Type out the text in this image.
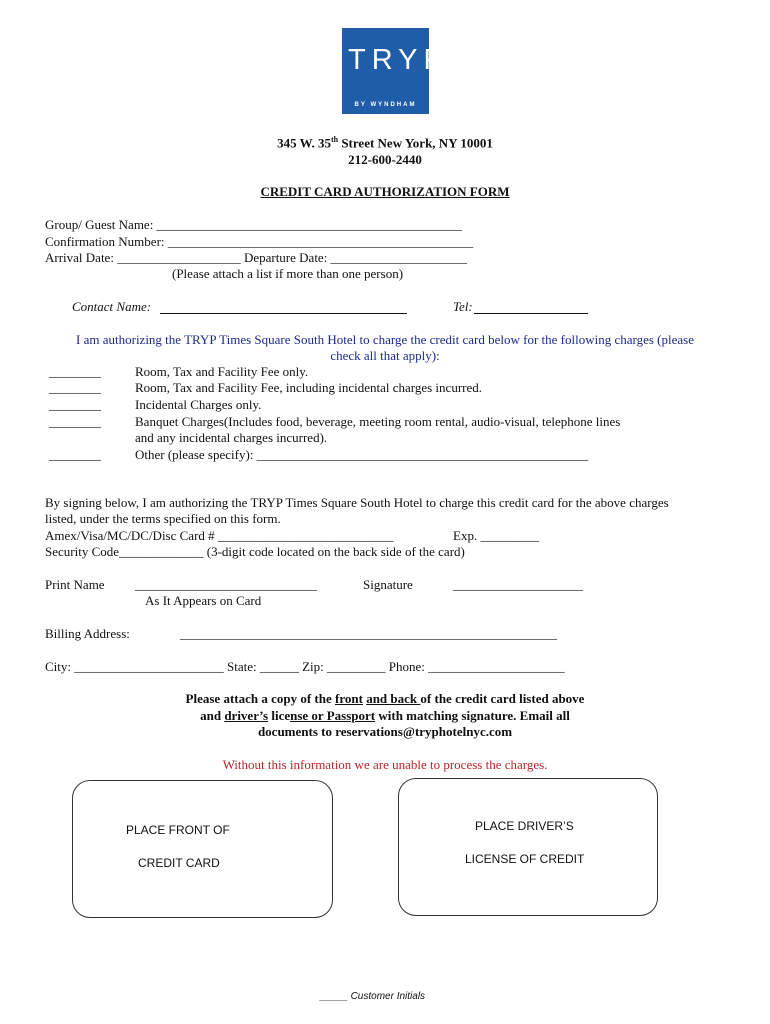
TRYP
BY WYNDHAM
345 W. 35th Street New York, NY 10001
212-600-2440
CREDIT CARD AUTHORIZATION FORM
Group/ Guest Name: _______________________________________________
Confirmation Number: _______________________________________________
Arrival Date: ___________________ Departure Date: _____________________
(Please attach a list if more than one person)
Contact Name:	Tel:
I am authorizing the TRYP Times Square South Hotel to charge the credit card below for the following charges (please
check all that apply):
________	Room, Tax and Facility Fee only.
________	Room, Tax and Facility Fee, including incidental charges incurred.
________	Incidental Charges only.
________	Banquet Charges(Includes food, beverage, meeting room rental, audio-visual, telephone lines
and any incidental charges incurred).
________	Other (please specify): ___________________________________________________
By signing below, I am authorizing the TRYP Times Square South Hotel to charge this credit card for the above charges
listed, under the terms specified on this form.
Amex/Visa/MC/DC/Disc Card # ___________________________	Exp. _________
Security Code_____________ (3-digit code located on the back side of the card)
Print Name ____________________________
As It Appears on Card
Signature	____________________
Billing Address:	__________________________________________________________
City: _______________________ State: ______ Zip: _________ Phone: _____________________
Please attach a copy of the front and back of the credit card listed above
and driver’s license or Passport with matching signature. Email all
documents to reservations@tryphotelnyc.com
Without this information we are unable to process the charges.
PLACE FRONT OF
CREDIT CARD
PLACE DRIVER’S
LICENSE OF CREDIT
_____ Customer Initials
